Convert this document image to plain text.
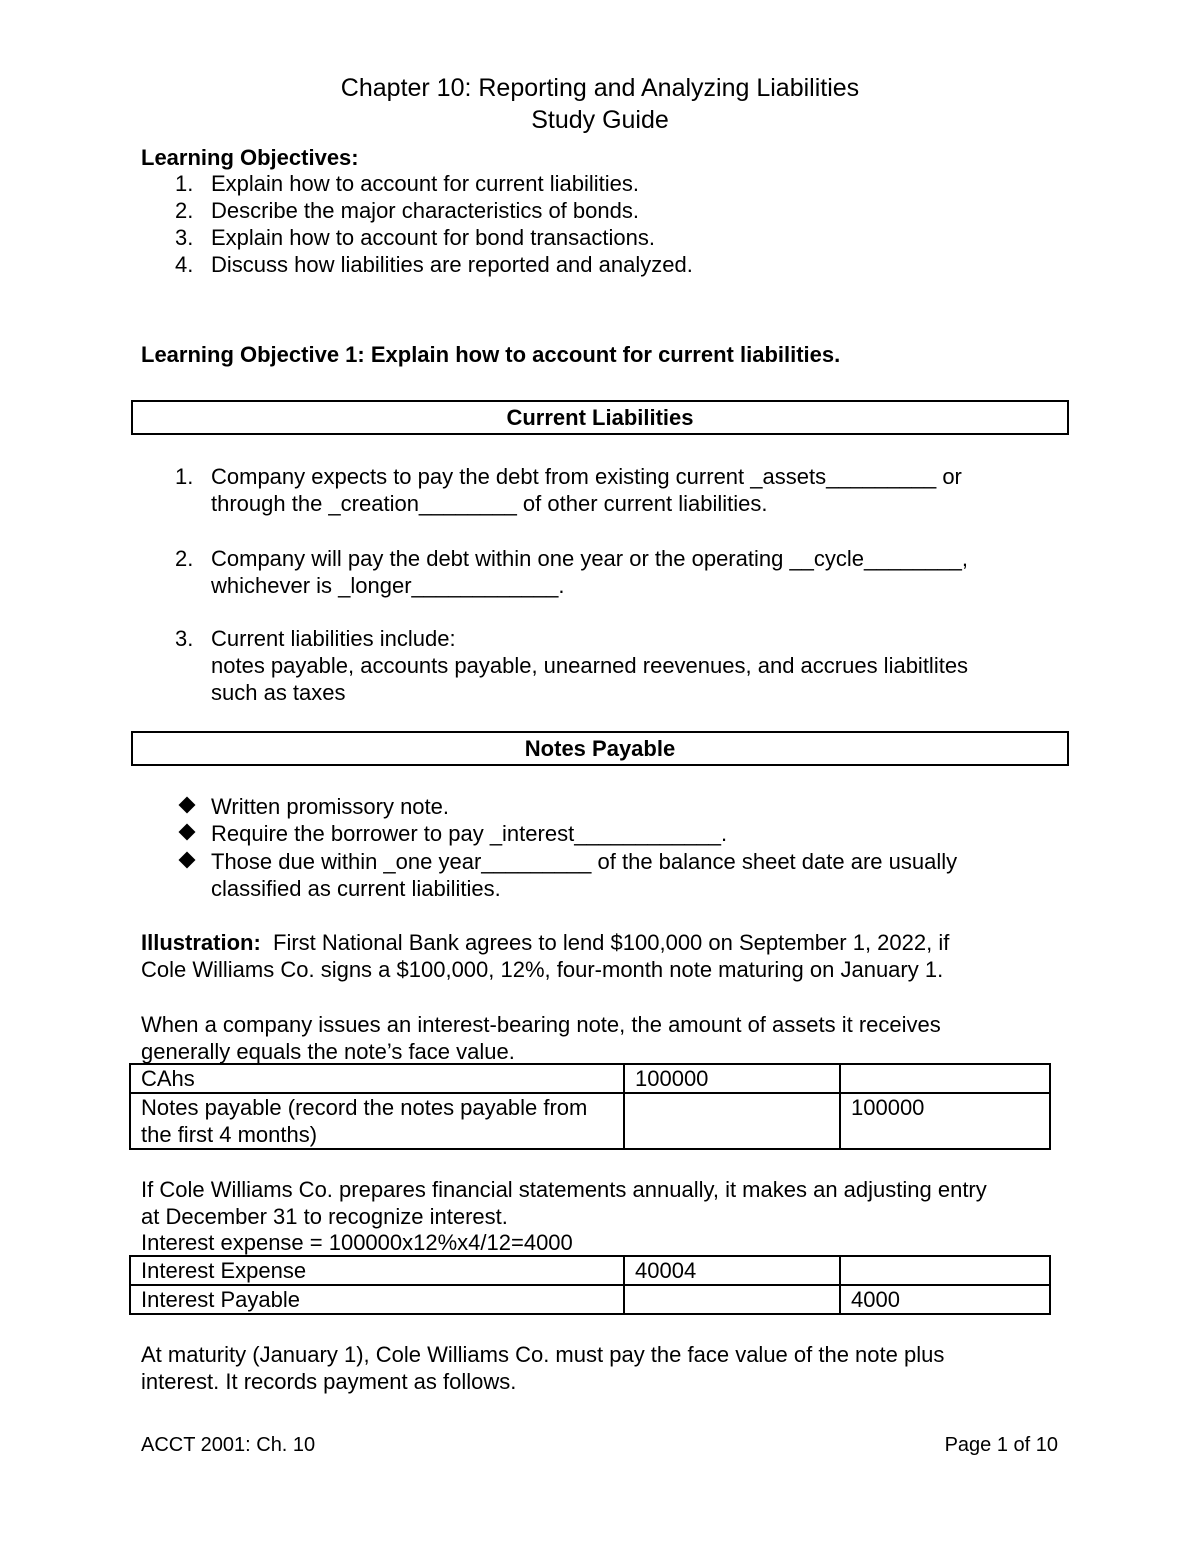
Chapter 10: Reporting and Analyzing Liabilities
Study Guide
Learning Objectives:
1. Explain how to account for current liabilities.
2. Describe the major characteristics of bonds.
3. Explain how to account for bond transactions.
4. Discuss how liabilities are reported and analyzed.
Learning Objective 1: Explain how to account for current liabilities.
Current Liabilities
1. Company expects to pay the debt from existing current _assets_________ or
through the _creation________ of other current liabilities.
2. Company will pay the debt within one year or the operating __cycle________,
whichever is _longer____________.
3. Current liabilities include:
notes payable, accounts payable, unearned reevenues, and accrues liabitlites
such as taxes
Notes Payable
Written promissory note.
Require the borrower to pay _interest____________.
Those due within _one year_________ of the balance sheet date are usually
classified as current liabilities.
Illustration: First National Bank agrees to lend $100,000 on September 1, 2022, if
Cole Williams Co. signs a $100,000, 12%, four-month note maturing on January 1.
When a company issues an interest-bearing note, the amount of assets it receives
generally equals the note’s face value.
CAhs	100000	
Notes payable (record the notes payable from the first 4 months)		100000
If Cole Williams Co. prepares financial statements annually, it makes an adjusting entry
at December 31 to recognize interest.
Interest expense = 100000x12%x4/12=4000
Interest Expense	40004	
Interest Payable		4000
At maturity (January 1), Cole Williams Co. must pay the face value of the note plus
interest. It records payment as follows.
ACCT 2001: Ch. 10	Page 1 of 10
